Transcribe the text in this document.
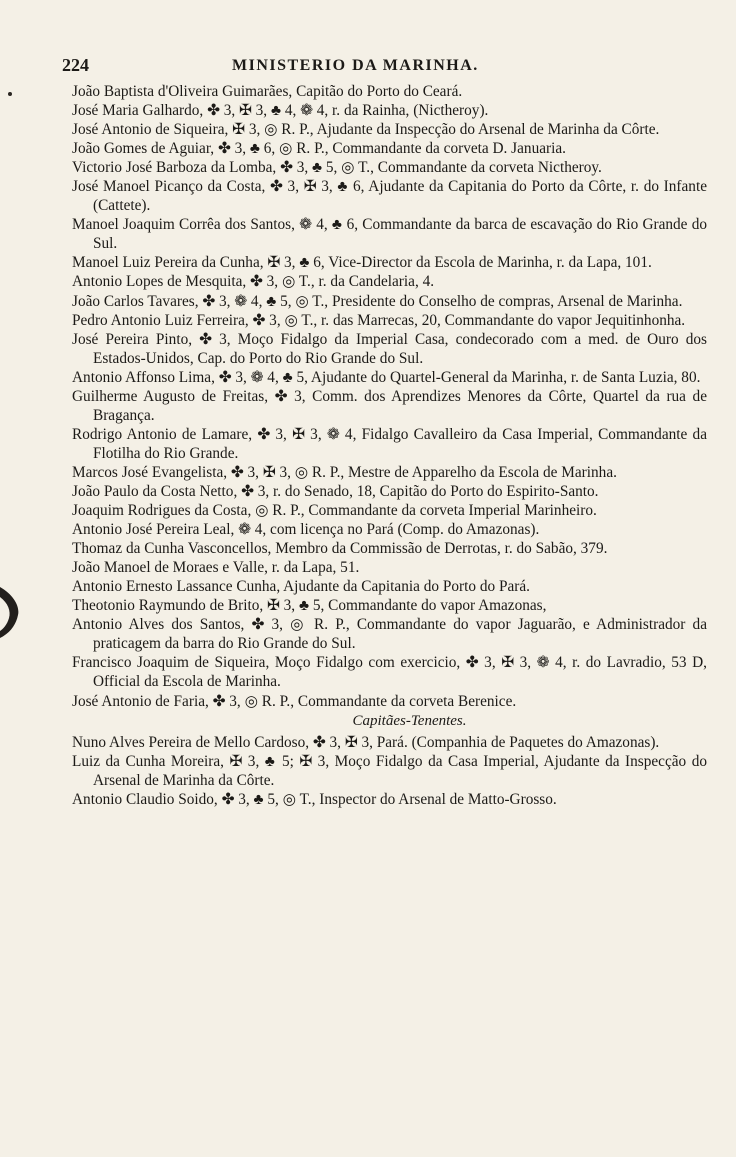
224	MINISTERIO DA MARINHA.
João Baptista d'Oliveira Guimarães, Capitão do Porto do Ceará.
José Maria Galhardo, ✤ 3, ✠ 3, ♣ 4, ❁ 4, r. da Rainha, (Nictheroy).
José Antonio de Siqueira, ✠ 3, ◎ R. P., Ajudante da Inspecção do Arsenal de Marinha da Côrte.
João Gomes de Aguiar, ✤ 3, ♣ 6, ◎ R. P., Commandante da corveta D. Januaria.
Victorio José Barboza da Lomba, ✤ 3, ♣ 5, ◎ T., Commandante da corveta Nictheroy.
José Manoel Picanço da Costa, ✤ 3, ✠ 3, ♣ 6, Ajudante da Capitania do Porto da Côrte, r. do Infante (Cattete).
Manoel Joaquim Corrêa dos Santos, ❁ 4, ♣ 6, Commandante da barca de escavação do Rio Grande do Sul.
Manoel Luiz Pereira da Cunha, ✠ 3, ♣ 6, Vice-Director da Escola de Marinha, r. da Lapa, 101.
Antonio Lopes de Mesquita, ✤ 3, ◎ T., r. da Candelaria, 4.
João Carlos Tavares, ✤ 3, ❁ 4, ♣ 5, ◎ T., Presidente do Conselho de compras, Arsenal de Marinha.
Pedro Antonio Luiz Ferreira, ✤ 3, ◎ T., r. das Marrecas, 20, Commandante do vapor Jequitinhonha.
José Pereira Pinto, ✤ 3, Moço Fidalgo da Imperial Casa, condecorado com a med. de Ouro dos Estados-Unidos, Cap. do Porto do Rio Grande do Sul.
Antonio Affonso Lima, ✤ 3, ❁ 4, ♣ 5, Ajudante do Quartel-General da Marinha, r. de Santa Luzia, 80.
Guilherme Augusto de Freitas, ✤ 3, Comm. dos Aprendizes Menores da Côrte, Quartel da rua de Bragança.
Rodrigo Antonio de Lamare, ✤ 3, ✠ 3, ❁ 4, Fidalgo Cavalleiro da Casa Imperial, Commandante da Flotilha do Rio Grande.
Marcos José Evangelista, ✤ 3, ✠ 3, ◎ R. P., Mestre de Apparelho da Escola de Marinha.
João Paulo da Costa Netto, ✤ 3, r. do Senado, 18, Capitão do Porto do Espirito-Santo.
Joaquim Rodrigues da Costa, ◎ R. P., Commandante da corveta Imperial Marinheiro.
Antonio José Pereira Leal, ❁ 4, com licença no Pará (Comp. do Amazonas).
Thomaz da Cunha Vasconcellos, Membro da Commissão de Derrotas, r. do Sabão, 379.
João Manoel de Moraes e Valle, r. da Lapa, 51.
Antonio Ernesto Lassance Cunha, Ajudante da Capitania do Porto do Pará.
Theotonio Raymundo de Brito, ✠ 3, ♣ 5, Commandante do vapor Amazonas,
Antonio Alves dos Santos, ✤ 3, ◎ R. P., Commandante do vapor Jaguarão, e Administrador da praticagem da barra do Rio Grande do Sul.
Francisco Joaquim de Siqueira, Moço Fidalgo com exercicio, ✤ 3, ✠ 3, ❁ 4, r. do Lavradio, 53 D, Official da Escola de Marinha.
José Antonio de Faria, ✤ 3, ◎ R. P., Commandante da corveta Berenice.
Capitães-Tenentes.
Nuno Alves Pereira de Mello Cardoso, ✤ 3, ✠ 3, Pará. (Companhia de Paquetes do Amazonas).
Luiz da Cunha Moreira, ✠ 3, ♣ 5; ✠ 3, Moço Fidalgo da Casa Imperial, Ajudante da Inspecção do Arsenal de Marinha da Côrte.
Antonio Claudio Soido, ✤ 3, ♣ 5, ◎ T., Inspector do Arsenal de Matto-Grosso.
